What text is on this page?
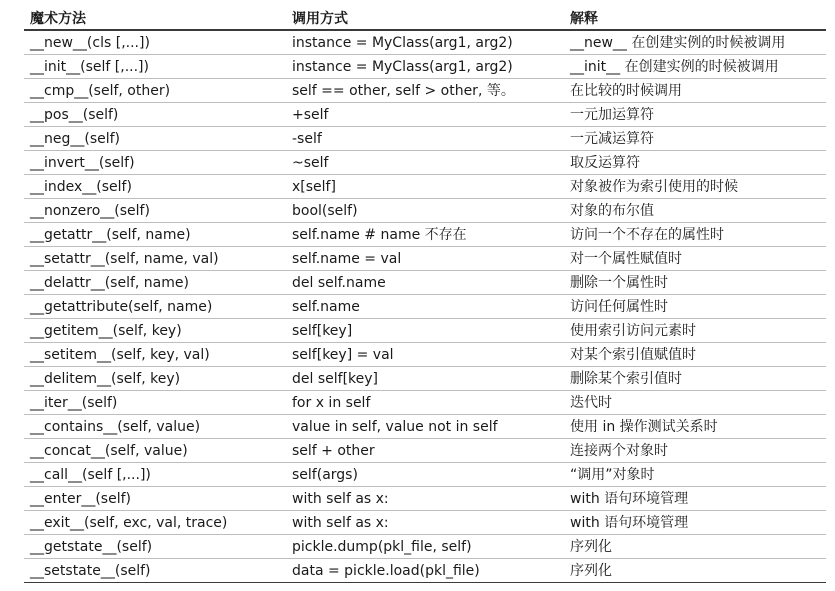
魔术方法	调用方式	解释
__new__(cls [,...])	instance = MyClass(arg1, arg2)	__new__ 在创建实例的时候被调用
__init__(self [,...])	instance = MyClass(arg1, arg2)	__init__ 在创建实例的时候被调用
__cmp__(self, other)	self == other, self > other, 等。	在比较的时候调用
__pos__(self)	+self	一元加运算符
__neg__(self)	-self	一元减运算符
__invert__(self)	~self	取反运算符
__index__(self)	x[self]	对象被作为索引使用的时候
__nonzero__(self)	bool(self)	对象的布尔值
__getattr__(self, name)	self.name # name 不存在	访问一个不存在的属性时
__setattr__(self, name, val)	self.name = val	对一个属性赋值时
__delattr__(self, name)	del self.name	删除一个属性时
__getattribute(self, name)	self.name	访问任何属性时
__getitem__(self, key)	self[key]	使用索引访问元素时
__setitem__(self, key, val)	self[key] = val	对某个索引值赋值时
__delitem__(self, key)	del self[key]	删除某个索引值时
__iter__(self)	for x in self	迭代时
__contains__(self, value)	value in self, value not in self	使用 in 操作测试关系时
__concat__(self, value)	self + other	连接两个对象时
__call__(self [,...])	self(args)	“调用”对象时
__enter__(self)	with self as x:	with 语句环境管理
__exit__(self, exc, val, trace)	with self as x:	with 语句环境管理
__getstate__(self)	pickle.dump(pkl_file, self)	序列化
__setstate__(self)	data = pickle.load(pkl_file)	序列化
